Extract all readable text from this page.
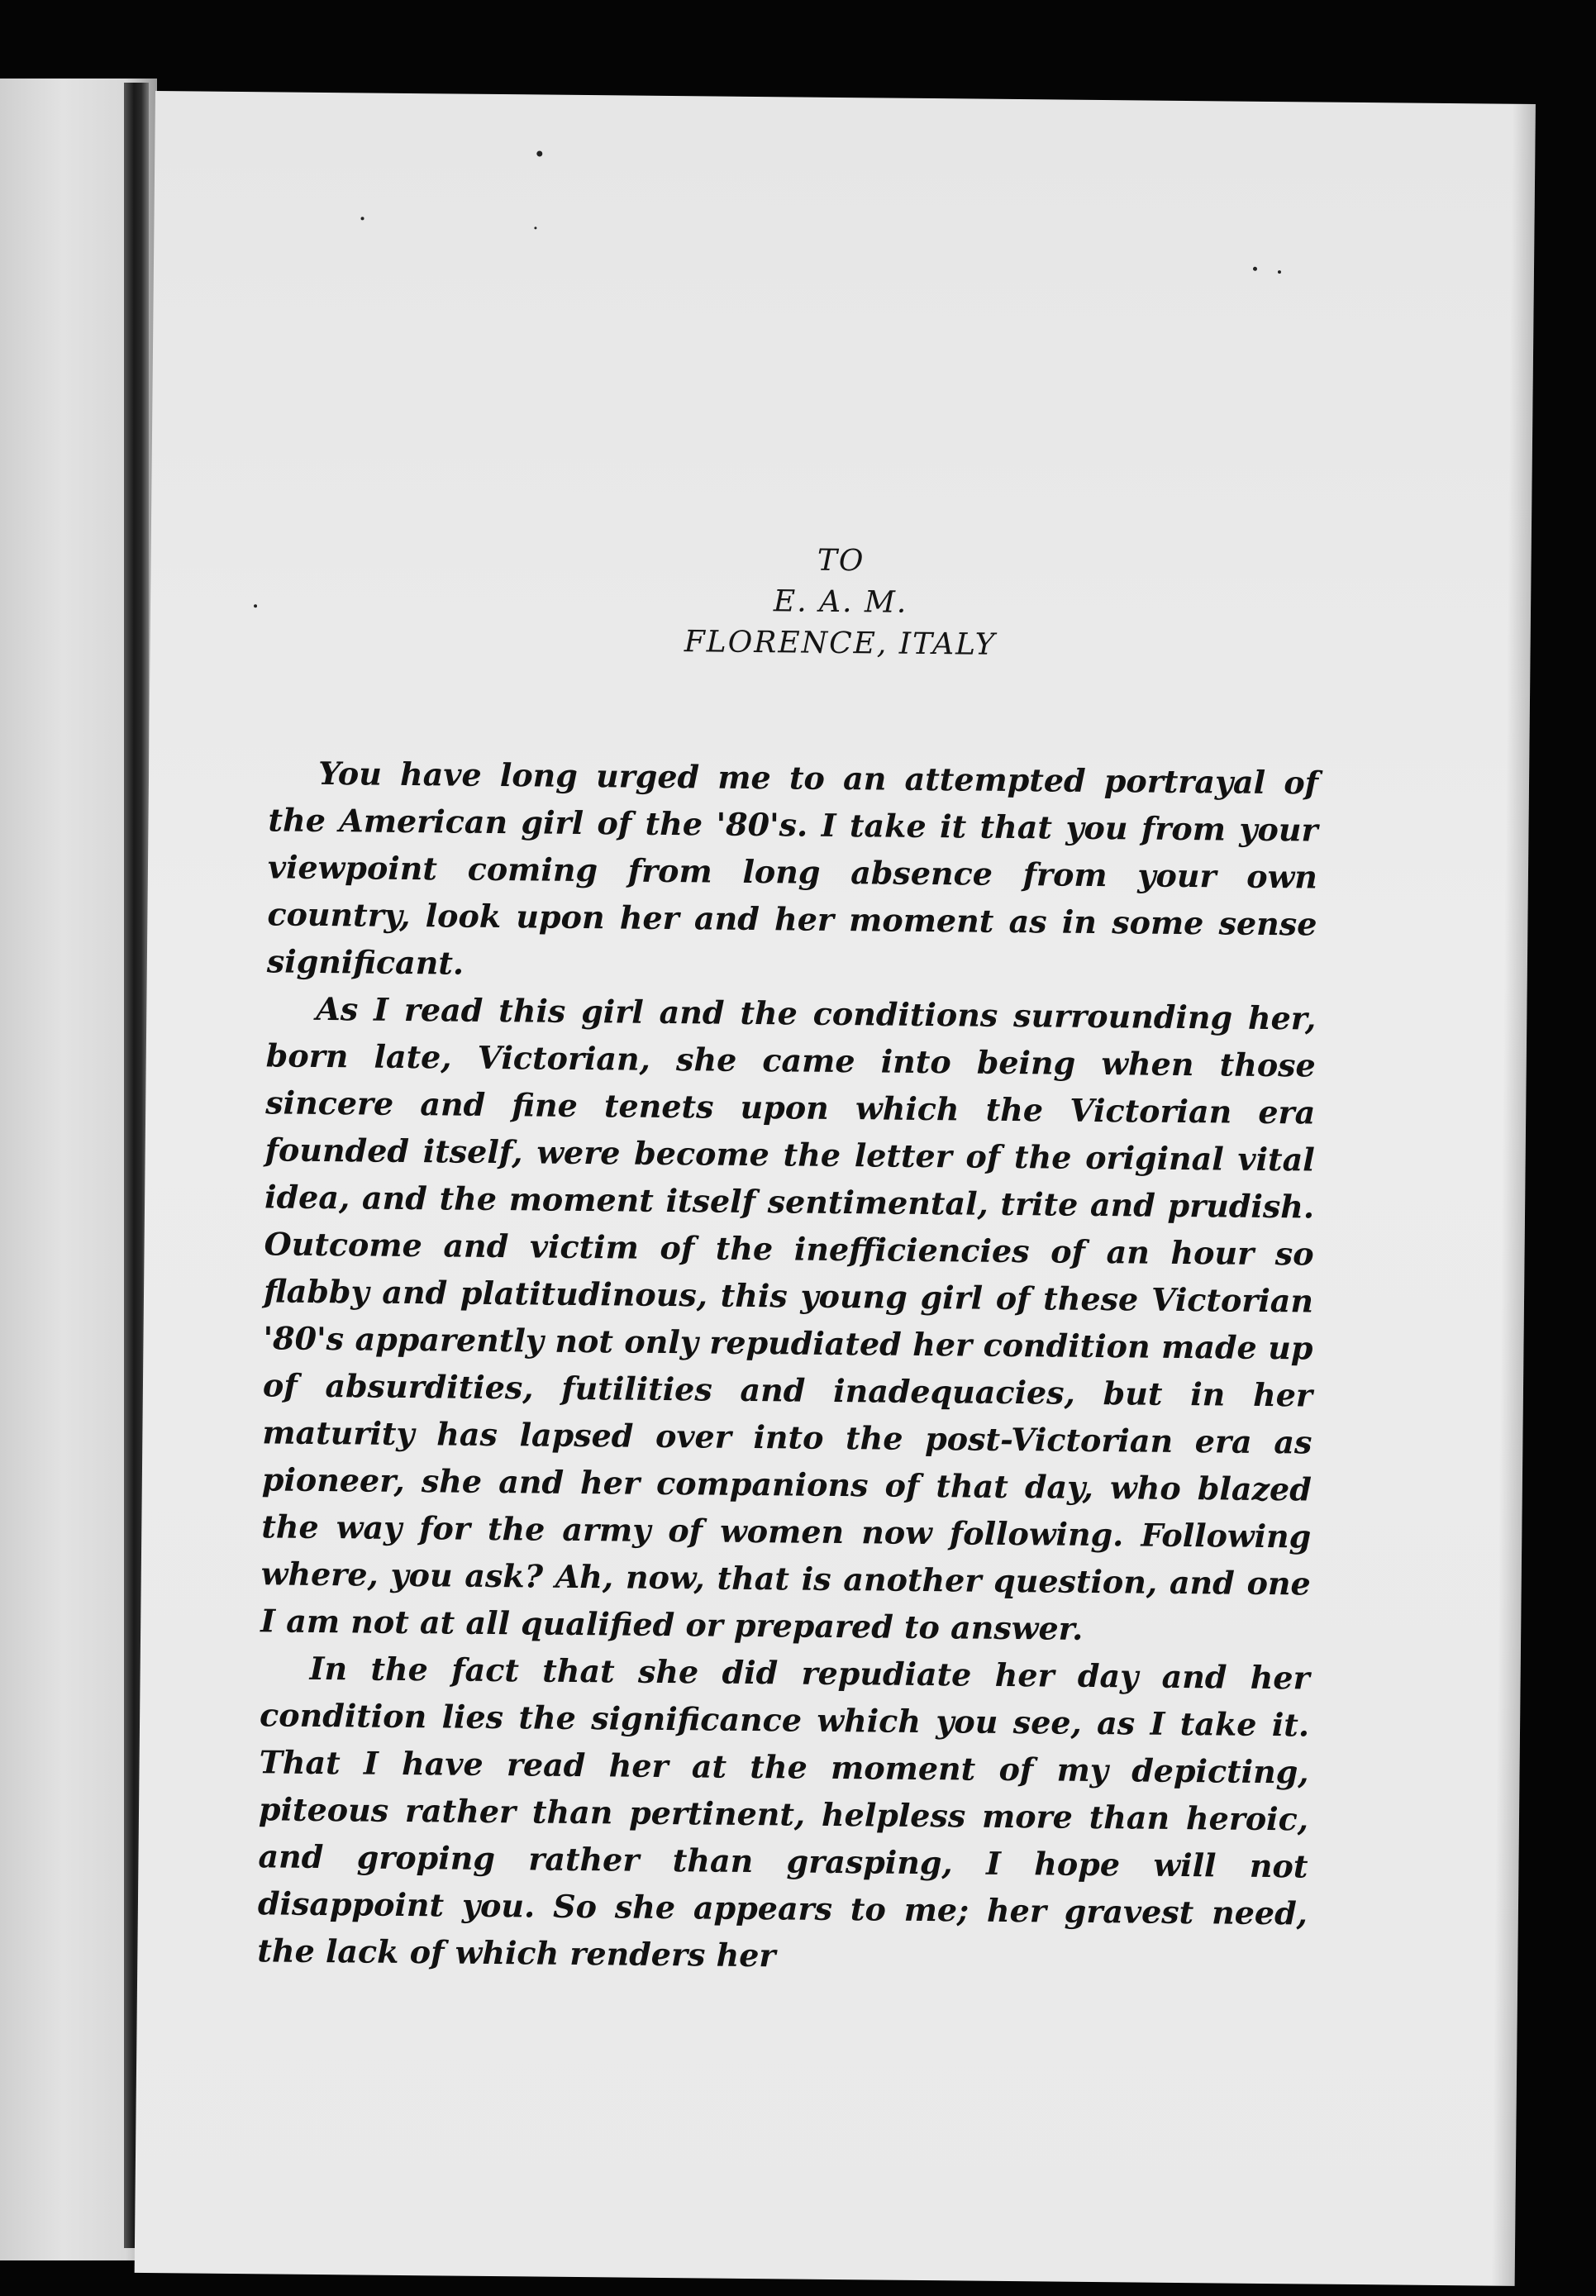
TO
E. A. M.
FLORENCE, ITALY

You have long urged me to an attempted portrayal of the American girl of the '80's. I take it that you from your viewpoint coming from long absence from your own country, look upon her and her moment as in some sense significant.

As I read this girl and the conditions surrounding her, born late, Victorian, she came into being when those sincere and fine tenets upon which the Victorian era founded itself, were become the letter of the original vital idea, and the moment itself sentimental, trite and prudish. Outcome and victim of the inefficiencies of an hour so flabby and platitudinous, this young girl of these Victorian '80's apparently not only repudiated her condition made up of absurdities, futilities and inadequacies, but in her maturity has lapsed over into the post-Victorian era as pioneer, she and her companions of that day, who blazed the way for the army of women now following. Following where, you ask? Ah, now, that is another question, and one I am not at all qualified or prepared to answer.

In the fact that she did repudiate her day and her condition lies the significance which you see, as I take it. That I have read her at the moment of my depicting, piteous rather than pertinent, helpless more than heroic, and groping rather than grasping, I hope will not disappoint you. So she appears to me; her gravest need, the lack of which renders her
